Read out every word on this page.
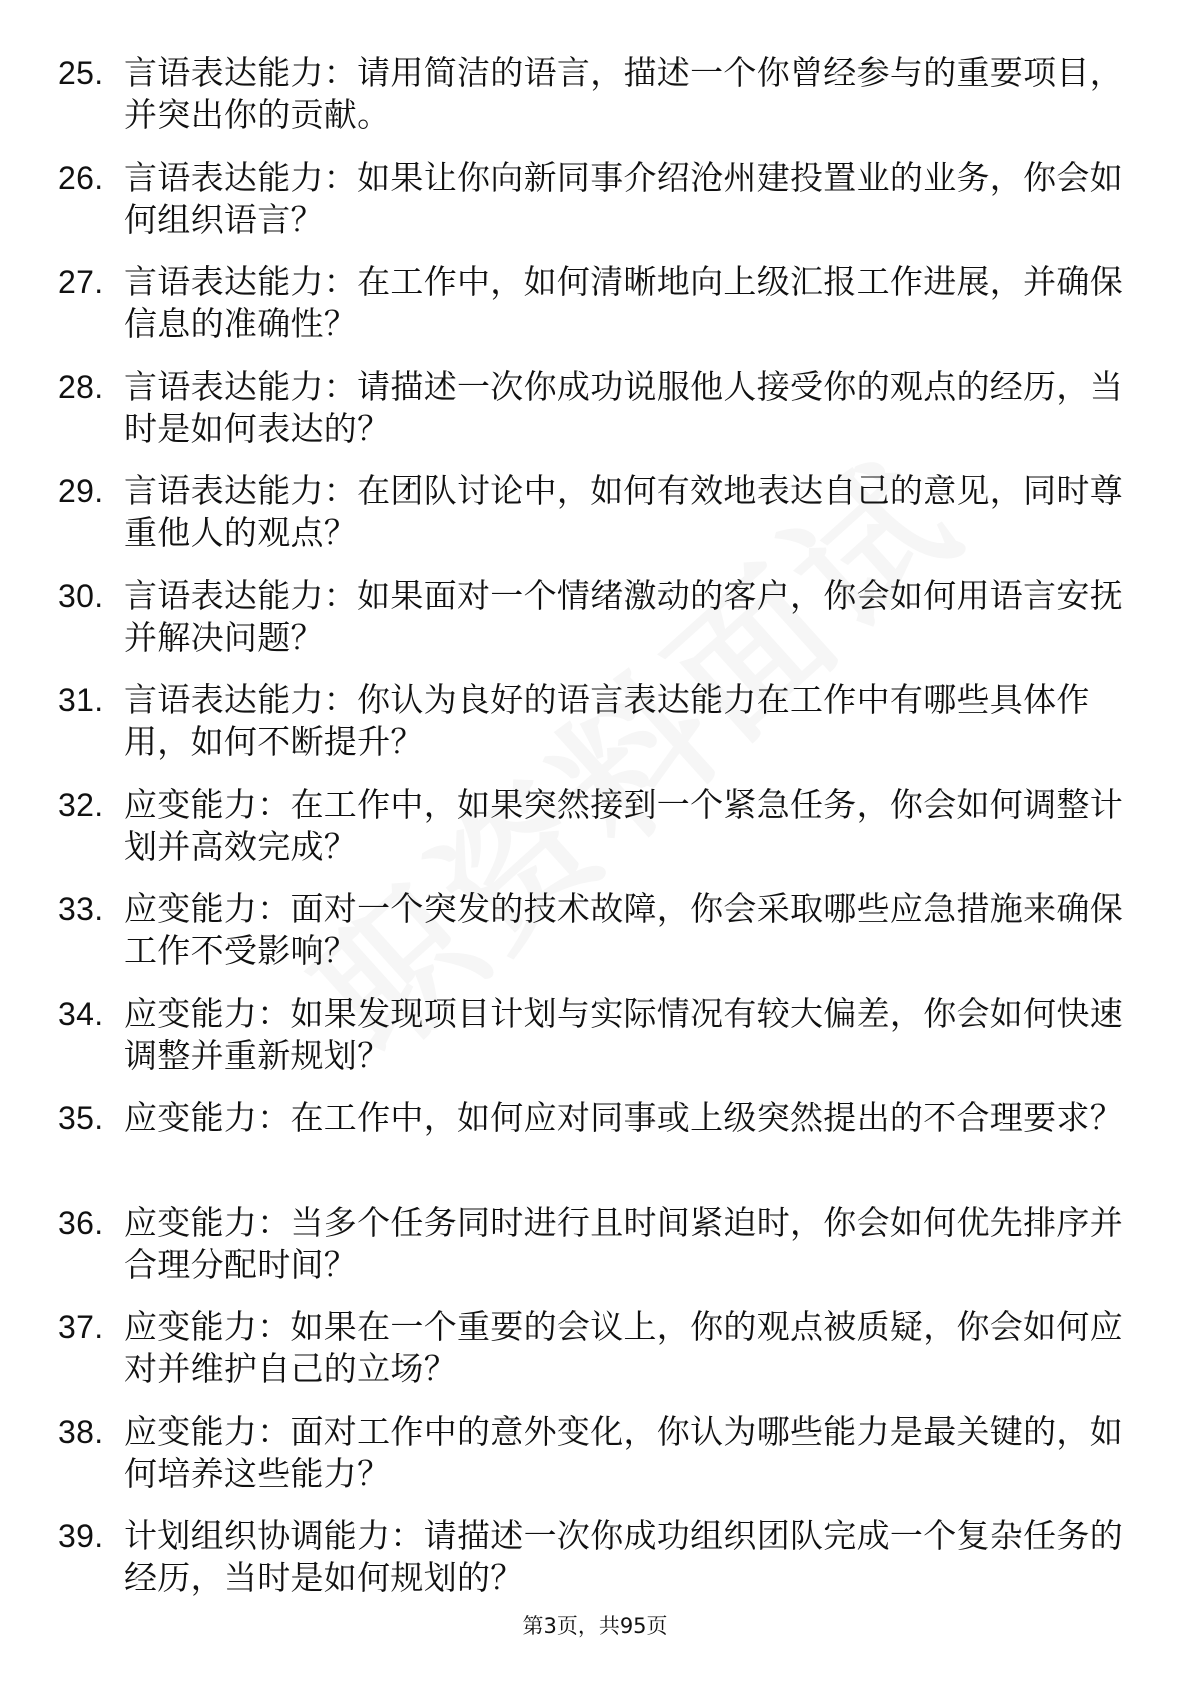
25. 言语表达能力：请用简洁的语言，描述一个你曾经参与的重要项目，并突出你的贡献。
26. 言语表达能力：如果让你向新同事介绍沧州建投置业的业务，你会如何组织语言？
27. 言语表达能力：在工作中，如何清晰地向上级汇报工作进展，并确保信息的准确性？
28. 言语表达能力：请描述一次你成功说服他人接受你的观点的经历，当时是如何表达的？
29. 言语表达能力：在团队讨论中，如何有效地表达自己的意见，同时尊重他人的观点？
30. 言语表达能力：如果面对一个情绪激动的客户，你会如何用语言安抚并解决问题？
31. 言语表达能力：你认为良好的语言表达能力在工作中有哪些具体作用，如何不断提升？
32. 应变能力：在工作中，如果突然接到一个紧急任务，你会如何调整计划并高效完成？
33. 应变能力：面对一个突发的技术故障，你会采取哪些应急措施来确保工作不受影响？
34. 应变能力：如果发现项目计划与实际情况有较大偏差，你会如何快速调整并重新规划？
35. 应变能力：在工作中，如何应对同事或上级突然提出的不合理要求？
36. 应变能力：当多个任务同时进行且时间紧迫时，你会如何优先排序并合理分配时间？
37. 应变能力：如果在一个重要的会议上，你的观点被质疑，你会如何应对并维护自己的立场？
38. 应变能力：面对工作中的意外变化，你认为哪些能力是最关键的，如何培养这些能力？
39. 计划组织协调能力：请描述一次你成功组织团队完成一个复杂任务的经历，当时是如何规划的？
第3页，共95页
